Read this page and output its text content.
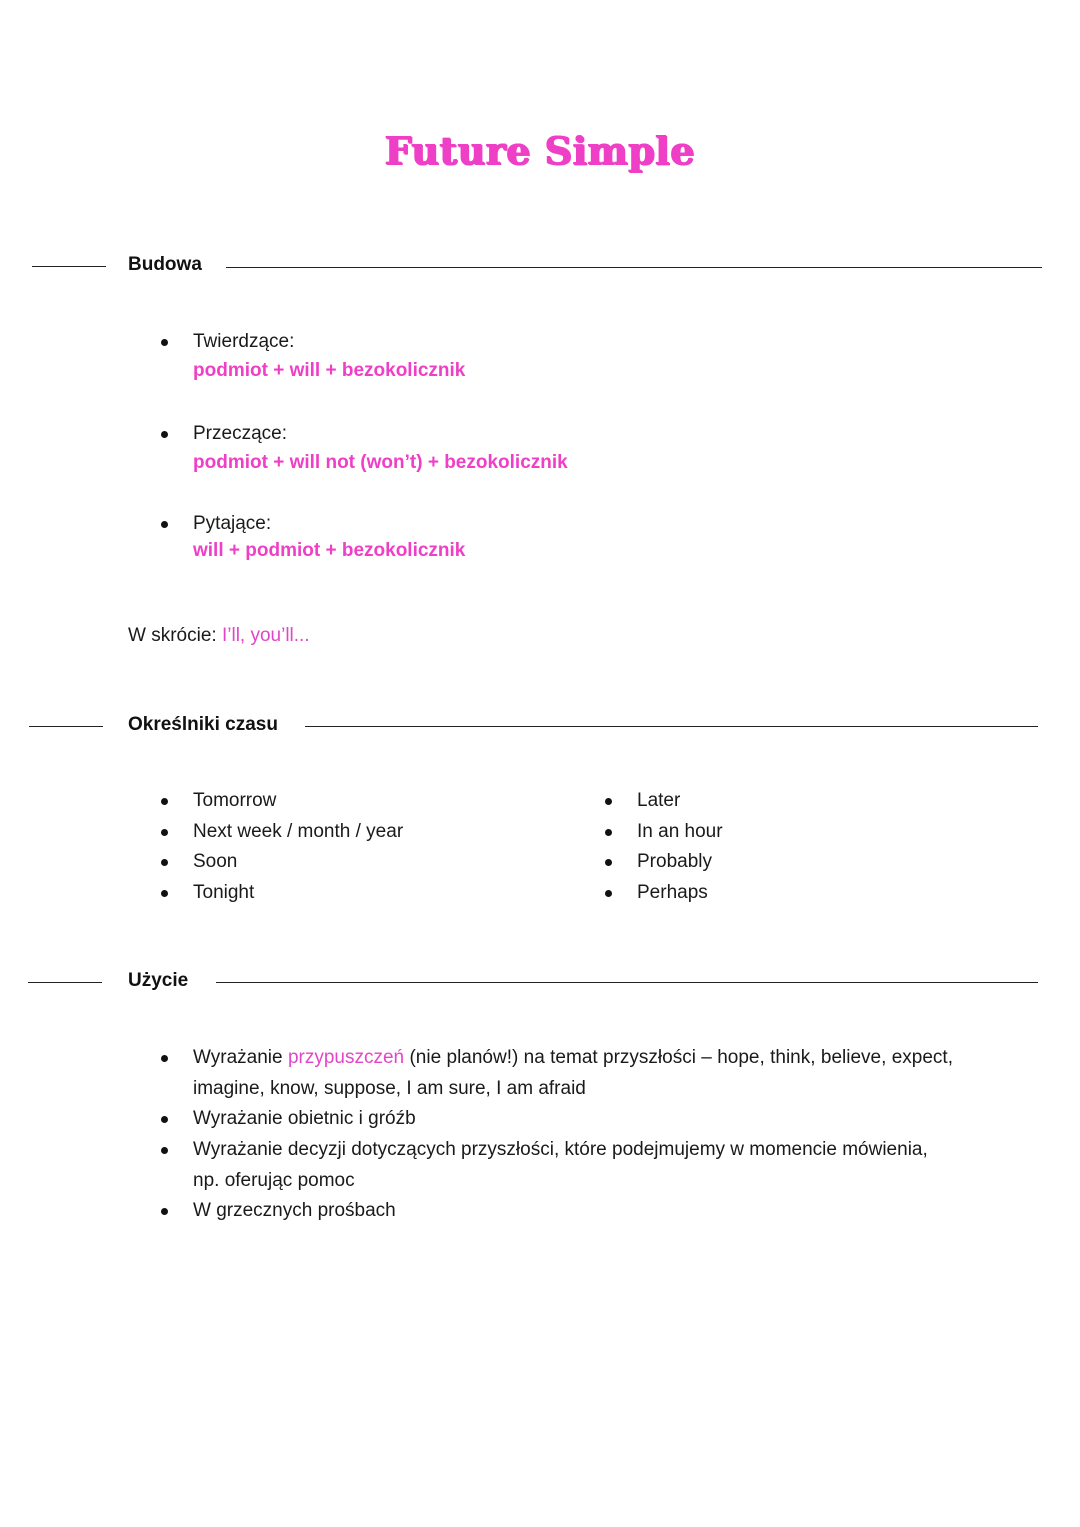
Future Simple
Budowa
Twierdzące:
podmiot + will + bezokolicznik
Przeczące:
podmiot + will not (won’t) + bezokolicznik
Pytające:
will + podmiot + bezokolicznik
W skrócie: I’ll, you’ll...
Określniki czasu
Tomorrow
Next week / month / year
Soon
Tonight
Later
In an hour
Probably
Perhaps
Użycie
Wyrażanie przypuszczeń (nie planów!) na temat przyszłości – hope, think, believe, expect, imagine, know, suppose, I am sure, I am afraid
Wyrażanie obietnic i gróźb
Wyrażanie decyzji dotyczących przyszłości, które podejmujemy w momencie mówienia, np. oferując pomoc
W grzecznych prośbach
